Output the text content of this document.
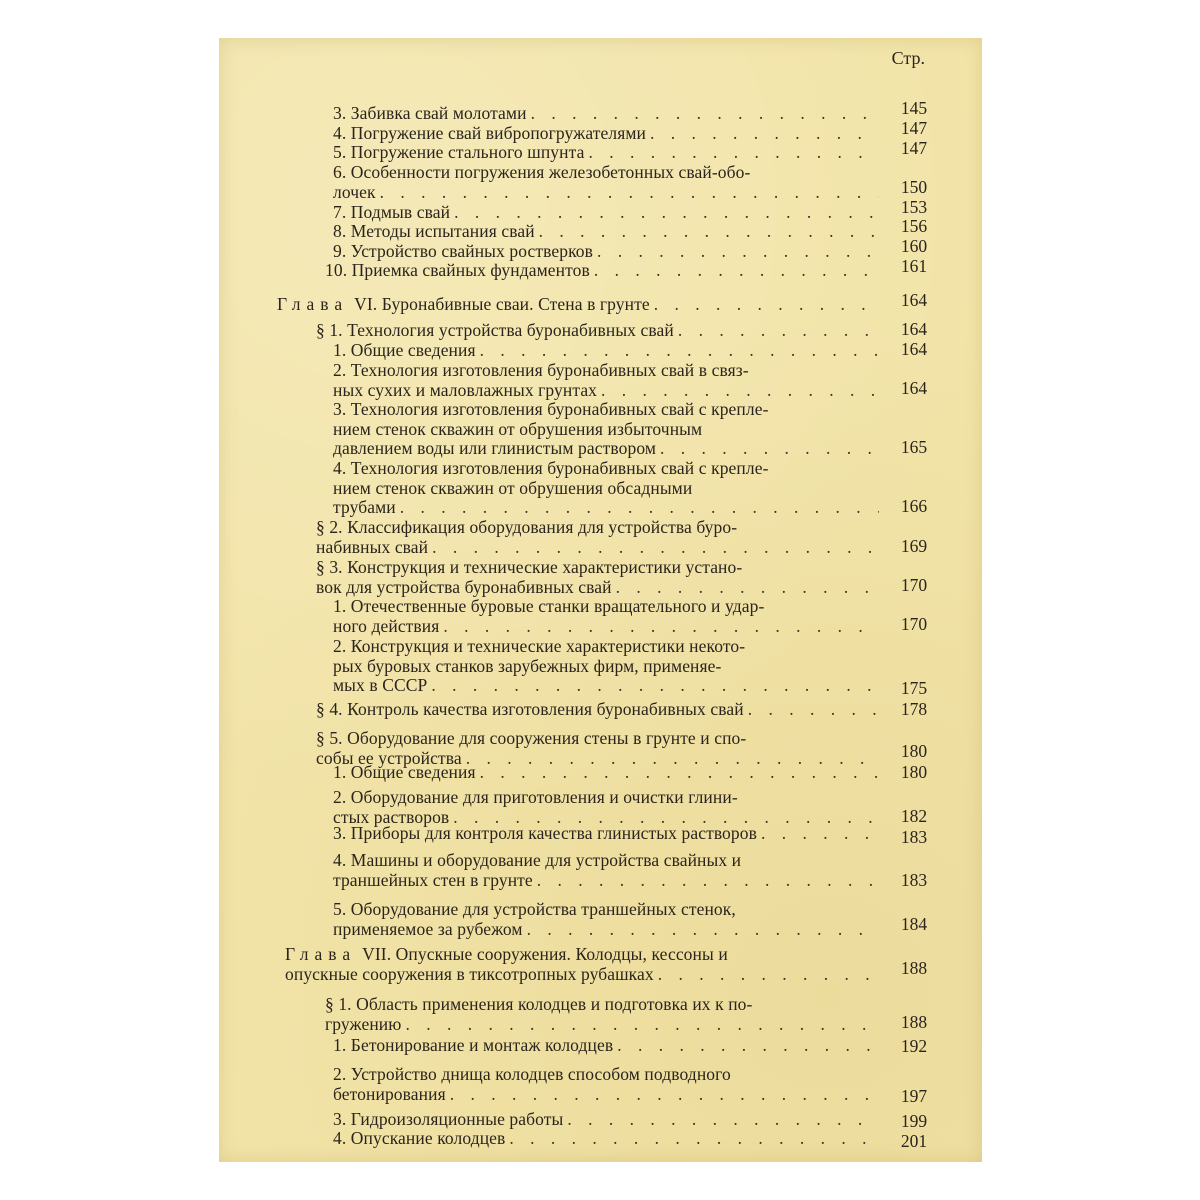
Стр.
3. Забивка свай молотами . . .	145
4. Погружение свай вибропогружателями . . .	147
5. Погружение стального шпунта . . .	147
6. Особенности погружения железобетонных свай-обо-
лочек . . .	150
7. Подмыв свай . . .	153
8. Методы испытания свай . . .	156
9. Устройство свайных ростверков . . .	160
10. Приемка свайных фундаментов . . .	161
Глава VI. Буронабивные сваи. Стена в грунте . . .	164
§ 1. Технология устройства буронабивных свай . . .	164
1. Общие сведения . . .	164
2. Технология изготовления буронабивных свай в связ-
ных сухих и маловлажных грунтах . . .	164
3. Технология изготовления буронабивных свай с крепле-
нием стенок скважин от обрушения избыточным
давлением воды или глинистым раствором . . .	165
4. Технология изготовления буронабивных свай с крепле-
нием стенок скважин от обрушения обсадными
трубами . . .	166
§ 2. Классификация оборудования для устройства буро-
набивных свай . . .	169
§ 3. Конструкция и технические характеристики устано-
вок для устройства буронабивных свай . . .	170
1. Отечественные буровые станки вращательного и удар-
ного действия . . .	170
2. Конструкция и технические характеристики некото-
рых буровых станков зарубежных фирм, применяе-
мых в СССР . . .	175
§ 4. Контроль качества изготовления буронабивных свай . . .	178
§ 5. Оборудование для сооружения стены в грунте и спо-
собы ее устройства . . .	180
1. Общие сведения . . .	180
2. Оборудование для приготовления и очистки глини-
стых растворов . . .	182
3. Приборы для контроля качества глинистых растворов . . .	183
4. Машины и оборудование для устройства свайных и
траншейных стен в грунте . . .	183
5. Оборудование для устройства траншейных стенок,
применяемое за рубежом . . .	184
Глава VII. Опускные сооружения. Колодцы, кессоны и
опускные сооружения в тиксотропных рубашках . . .	188
§ 1. Область применения колодцев и подготовка их к по-
гружению . . .	188
1. Бетонирование и монтаж колодцев . . .	192
2. Устройство днища колодцев способом подводного
бетонирования . . .	197
3. Гидроизоляционные работы . . .	199
4. Опускание колодцев . . .	201
